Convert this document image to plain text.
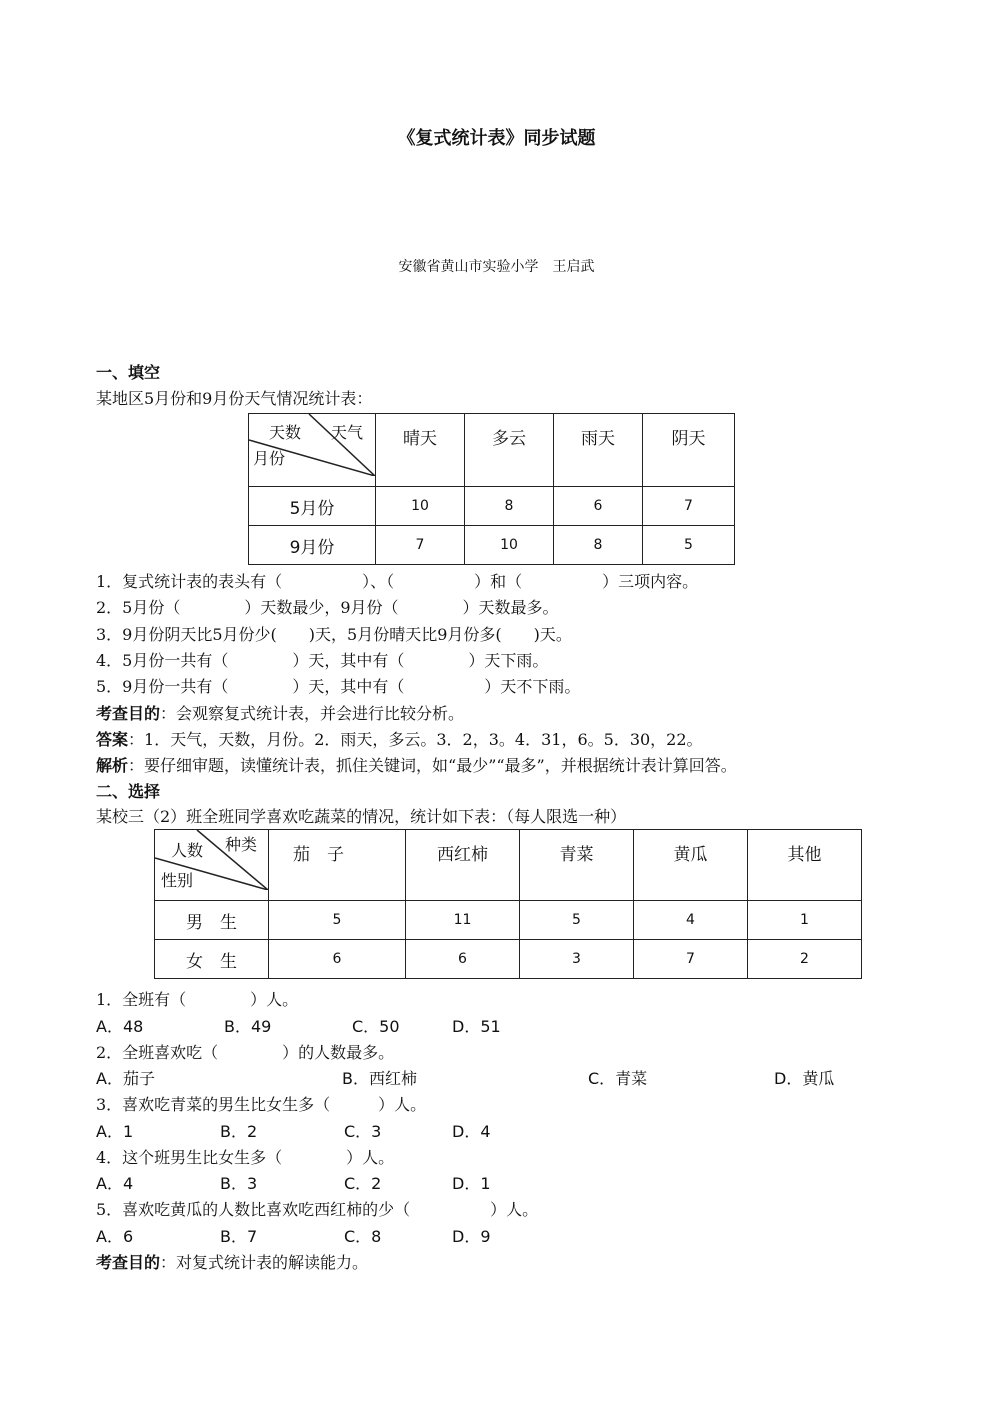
《复式统计表》同步试题
安徽省黄山市实验小学　王启武
一、填空
某地区5月份和9月份天气情况统计表：
天数 天气
月份	晴天	多云	雨天	阴天
5月份	10	8	6	7
9月份	7	10	8	5
1．复式统计表的表头有（　　　　　）、（　　　　　）和（　　　　　）三项内容。
2．5月份（　　　　）天数最少，9月份（　　　　）天数最多。
3．9月份阴天比5月份少(　　)天，5月份晴天比9月份多(　　)天。
4．5月份一共有（　　　　）天，其中有（　　　　）天下雨。
5．9月份一共有（　　　　）天，其中有（　　　　　）天不下雨。
考查目的：会观察复式统计表，并会进行比较分析。
答案：1．天气，天数，月份。2．雨天，多云。3．2，3。4．31，6。5．30，22。
解析：要仔细审题，读懂统计表，抓住关键词，如“最少”“最多”，并根据统计表计算回答。
二、选择
某校三（2）班全班同学喜欢吃蔬菜的情况，统计如下表：（每人限选一种）
人数 种类
性别	茄　子	西红柿	青菜	黄瓜	其他
男　生	5	11	5	4	1
女　生	6	6	3	7	2
1．全班有（　　　　）人。
A．48	B．49	C．50	D．51
2．全班喜欢吃（　　　　）的人数最多。
A．茄子	B．西红柿	C．青菜	D．黄瓜
3．喜欢吃青菜的男生比女生多（　　　）人。
A．1	B．2	C．3	D．4
4．这个班男生比女生多（　　　　）人。
A．4	B．3	C．2	D．1
5．喜欢吃黄瓜的人数比喜欢吃西红柿的少（　　　　　）人。
A．6	B．7	C．8	D．9
考查目的：对复式统计表的解读能力。
